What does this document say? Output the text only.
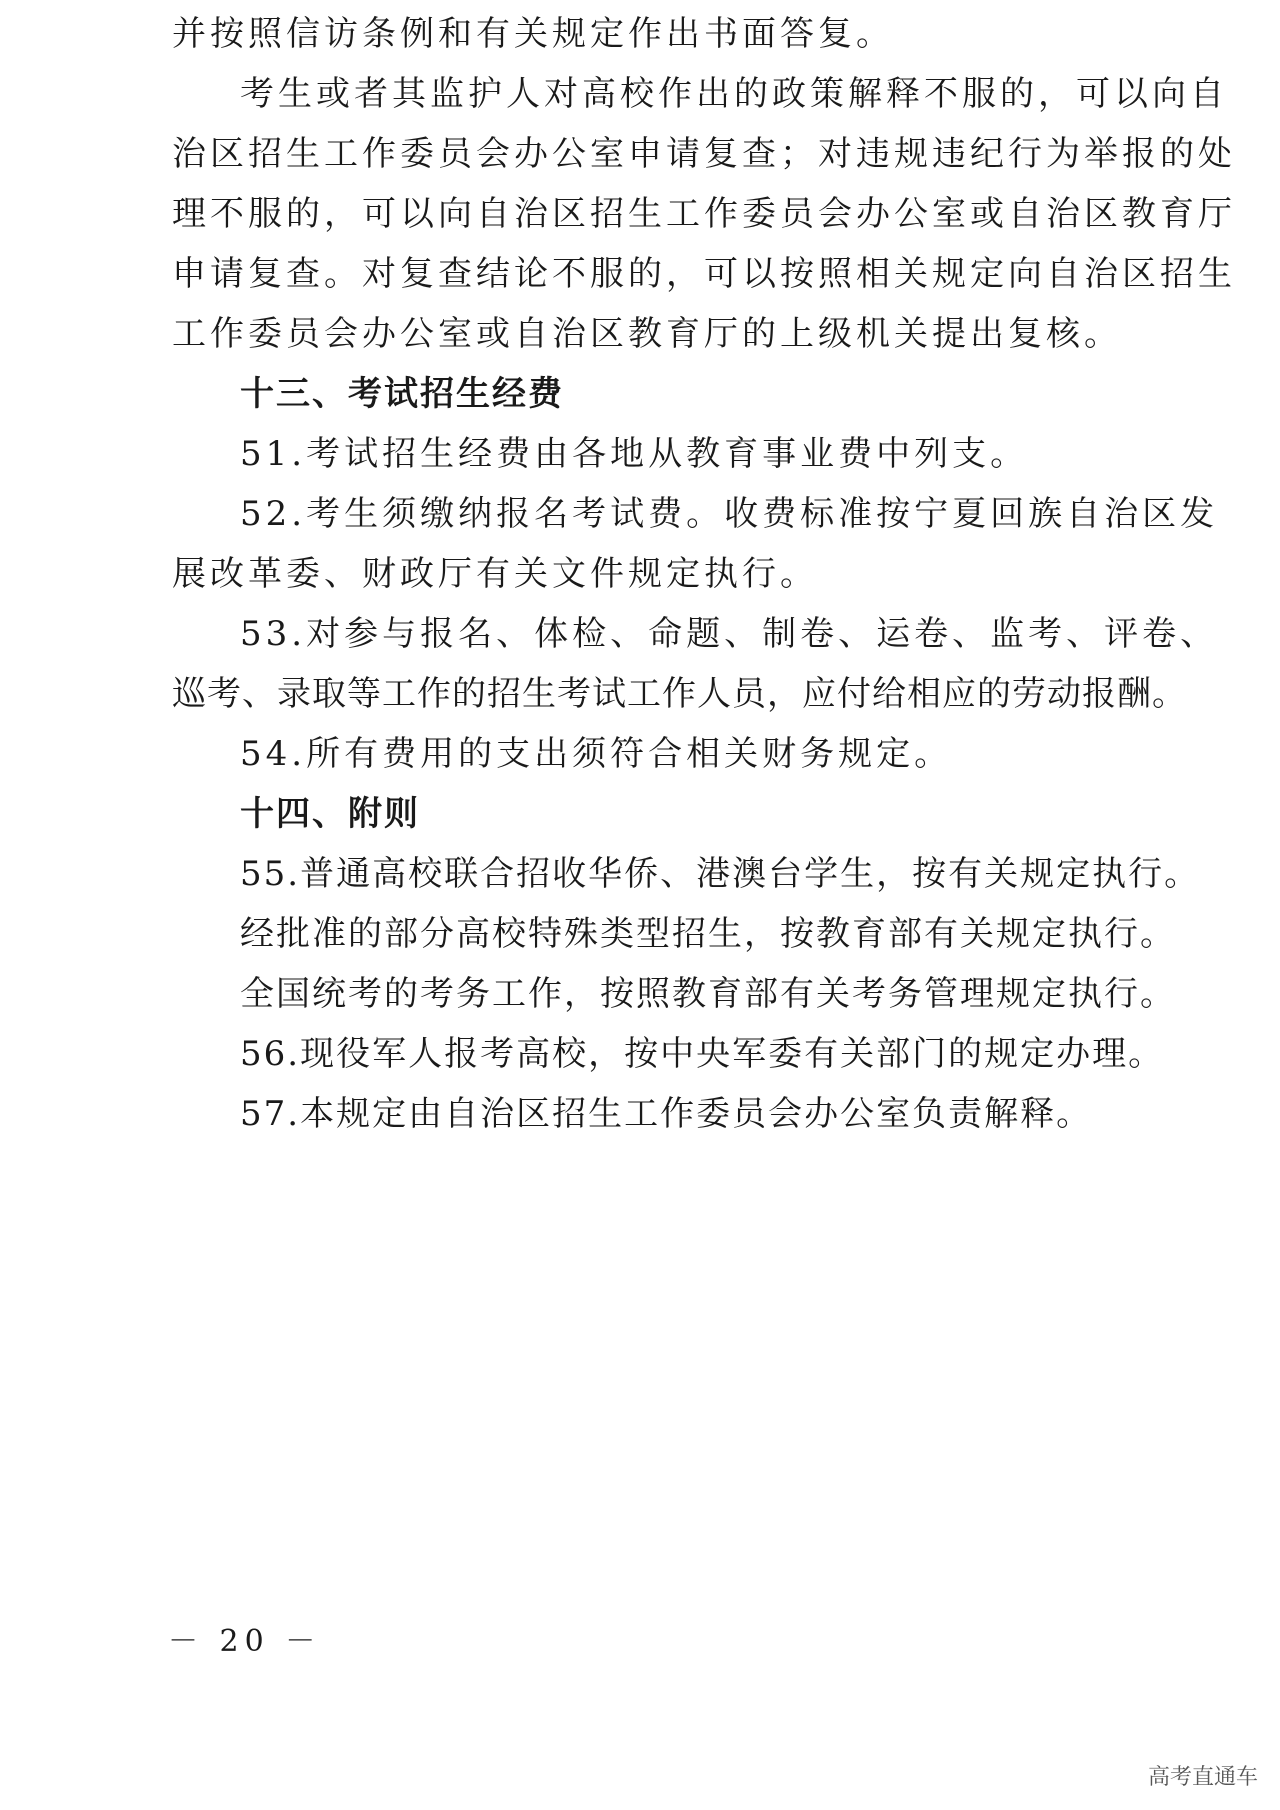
并按照信访条例和有关规定作出书面答复。
考生或者其监护人对高校作出的政策解释不服的，可以向自
治区招生工作委员会办公室申请复查；对违规违纪行为举报的处
理不服的，可以向自治区招生工作委员会办公室或自治区教育厅
申请复查。对复查结论不服的，可以按照相关规定向自治区招生
工作委员会办公室或自治区教育厅的上级机关提出复核。
十三、考试招生经费
51.考试招生经费由各地从教育事业费中列支。
52.考生须缴纳报名考试费。收费标准按宁夏回族自治区发
展改革委、财政厅有关文件规定执行。
53.对参与报名、体检、命题、制卷、运卷、监考、评卷、
巡考、录取等工作的招生考试工作人员，应付给相应的劳动报酬。
54.所有费用的支出须符合相关财务规定。
十四、附则
55.普通高校联合招收华侨、港澳台学生，按有关规定执行。
经批准的部分高校特殊类型招生，按教育部有关规定执行。
全国统考的考务工作，按照教育部有关考务管理规定执行。
56.现役军人报考高校，按中央军委有关部门的规定办理。
57.本规定由自治区招生工作委员会办公室负责解释。
－ 20 －
高考直通车
